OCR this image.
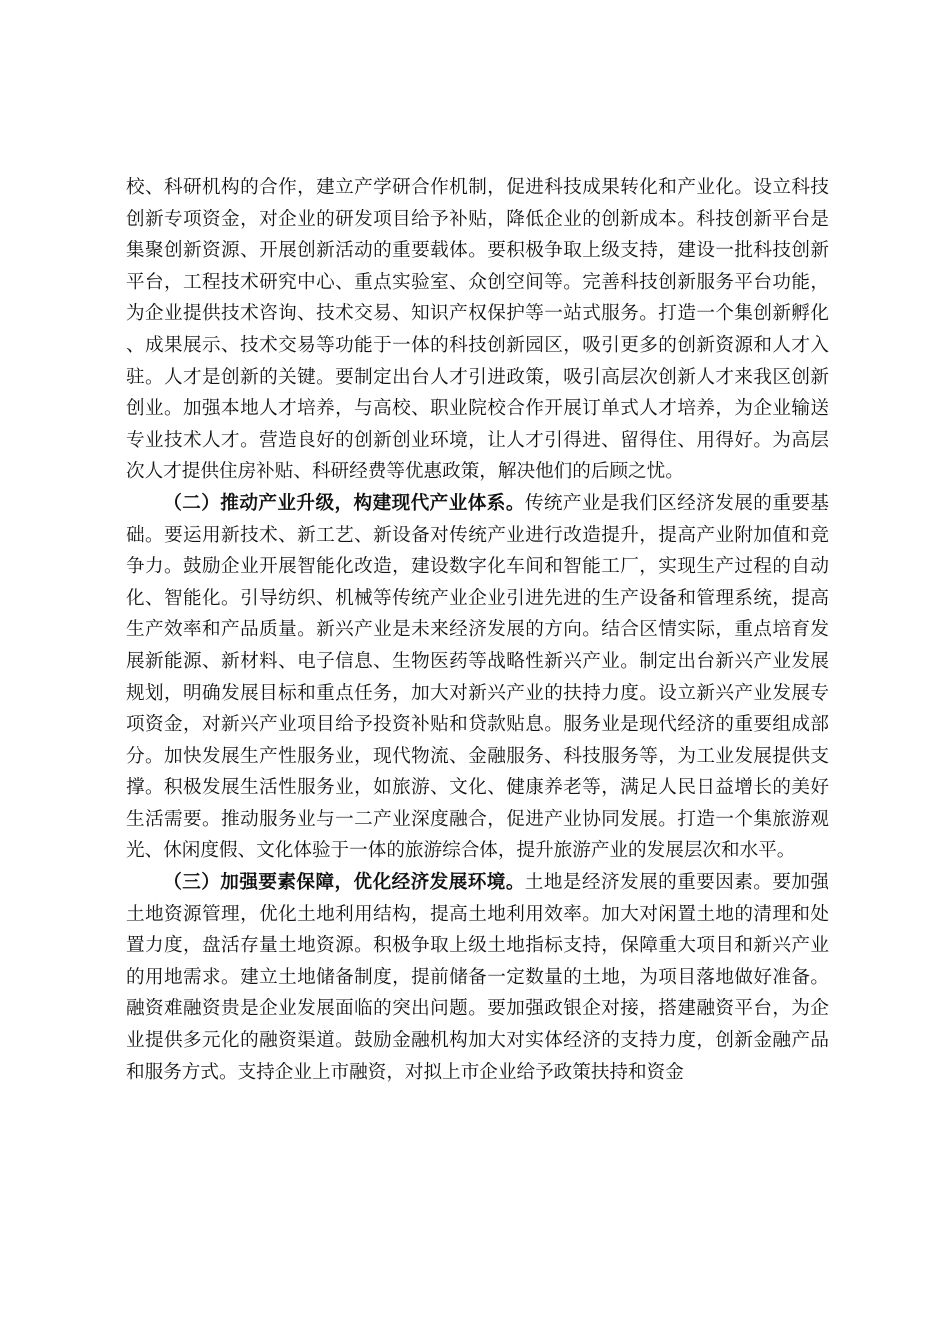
校、科研机构的合作，建立产学研合作机制，促进科技成果转化和产业化。设立科技创新专项资金，对企业的研发项目给予补贴，降低企业的创新成本。科技创新平台是集聚创新资源、开展创新活动的重要载体。要积极争取上级支持，建设一批科技创新平台，工程技术研究中心、重点实验室、众创空间等。完善科技创新服务平台功能，为企业提供技术咨询、技术交易、知识产权保护等一站式服务。打造一个集创新孵化、成果展示、技术交易等功能于一体的科技创新园区，吸引更多的创新资源和人才入驻。人才是创新的关键。要制定出台人才引进政策，吸引高层次创新人才来我区创新创业。加强本地人才培养，与高校、职业院校合作开展订单式人才培养，为企业输送专业技术人才。营造良好的创新创业环境，让人才引得进、留得住、用得好。为高层次人才提供住房补贴、科研经费等优惠政策，解决他们的后顾之忧。

（二）推动产业升级，构建现代产业体系。传统产业是我们区经济发展的重要基础。要运用新技术、新工艺、新设备对传统产业进行改造提升，提高产业附加值和竞争力。鼓励企业开展智能化改造，建设数字化车间和智能工厂，实现生产过程的自动化、智能化。引导纺织、机械等传统产业企业引进先进的生产设备和管理系统，提高生产效率和产品质量。新兴产业是未来经济发展的方向。结合区情实际，重点培育发展新能源、新材料、电子信息、生物医药等战略性新兴产业。制定出台新兴产业发展规划，明确发展目标和重点任务，加大对新兴产业的扶持力度。设立新兴产业发展专项资金，对新兴产业项目给予投资补贴和贷款贴息。服务业是现代经济的重要组成部分。加快发展生产性服务业，现代物流、金融服务、科技服务等，为工业发展提供支撑。积极发展生活性服务业，如旅游、文化、健康养老等，满足人民日益增长的美好生活需要。推动服务业与一二产业深度融合，促进产业协同发展。打造一个集旅游观光、休闲度假、文化体验于一体的旅游综合体，提升旅游产业的发展层次和水平。

（三）加强要素保障，优化经济发展环境。土地是经济发展的重要因素。要加强土地资源管理，优化土地利用结构，提高土地利用效率。加大对闲置土地的清理和处置力度，盘活存量土地资源。积极争取上级土地指标支持，保障重大项目和新兴产业的用地需求。建立土地储备制度，提前储备一定数量的土地，为项目落地做好准备。融资难融资贵是企业发展面临的突出问题。要加强政银企对接，搭建融资平台，为企业提供多元化的融资渠道。鼓励金融机构加大对实体经济的支持力度，创新金融产品和服务方式。支持企业上市融资，对拟上市企业给予政策扶持和资金
